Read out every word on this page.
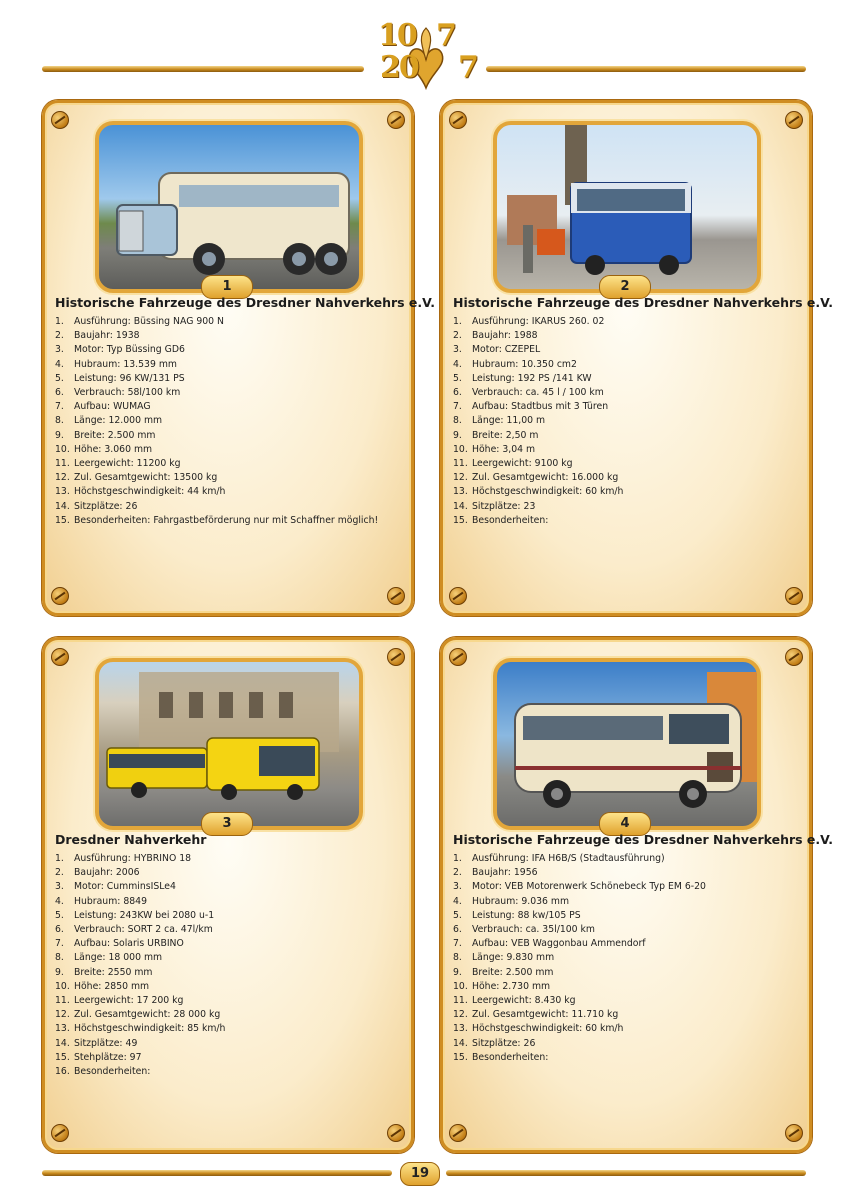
10 7
20 7
1
Historische Fahrzeuge des Dresdner Nahverkehrs e.V.
1.	Ausführung: Büssing NAG 900 N
2.	Baujahr: 1938
3.	Motor: Typ Büssing GD6
4.	Hubraum: 13.539 mm
5.	Leistung: 96 KW/131 PS
6.	Verbrauch: 58l/100 km
7.	Aufbau: WUMAG
8.	Länge: 12.000 mm
9.	Breite: 2.500 mm
10. Höhe: 3.060 mm
11. Leergewicht: 11200 kg
12. Zul. Gesamtgewicht: 13500 kg
13. Höchstgeschwindigkeit: 44 km/h
14. Sitzplätze: 26
15. Besonderheiten: Fahrgastbeförderung nur mit Schaffner möglich!
2
Historische Fahrzeuge des Dresdner Nahverkehrs e.V.
1.	Ausführung: IKARUS 260. 02
2.	Baujahr: 1988
3.	Motor: CZEPEL
4.	Hubraum: 10.350 cm2
5.	Leistung: 192 PS /141 KW
6.	Verbrauch: ca. 45 l / 100 km
7.	Aufbau: Stadtbus mit 3 Türen
8.	Länge: 11,00 m
9.	Breite: 2,50 m
10. Höhe: 3,04 m
11. Leergewicht: 9100 kg
12. Zul. Gesamtgewicht: 16.000 kg
13. Höchstgeschwindigkeit: 60 km/h
14. Sitzplätze: 23
15. Besonderheiten:
3
Dresdner Nahverkehr
1.	Ausführung: HYBRINO 18
2.	Baujahr: 2006
3.	Motor: CumminsISLe4
4.	Hubraum: 8849
5.	Leistung: 243KW bei 2080 u-1
6.	Verbrauch: SORT 2 ca. 47l/km
7.	Aufbau: Solaris URBINO
8.	Länge: 18 000 mm
9.	Breite: 2550 mm
10. Höhe: 2850 mm
11. Leergewicht: 17 200 kg
12. Zul. Gesamtgewicht: 28 000 kg
13. Höchstgeschwindigkeit: 85 km/h
14. Sitzplätze: 49
15. Stehplätze: 97
16. Besonderheiten:
4
Historische Fahrzeuge des Dresdner Nahverkehrs e.V.
1.	Ausführung: IFA H6B/S (Stadtausführung)
2.	Baujahr: 1956
3.	Motor: VEB Motorenwerk Schönebeck Typ EM 6-20
4.	Hubraum: 9.036 mm
5.	Leistung: 88 kw/105 PS
6.	Verbrauch: ca. 35l/100 km
7.	Aufbau: VEB Waggonbau Ammendorf
8.	Länge: 9.830 mm
9.	Breite: 2.500 mm
10. Höhe: 2.730 mm
11. Leergewicht: 8.430 kg
12. Zul. Gesamtgewicht: 11.710 kg
13. Höchstgeschwindigkeit: 60 km/h
14. Sitzplätze: 26
15. Besonderheiten:
19
